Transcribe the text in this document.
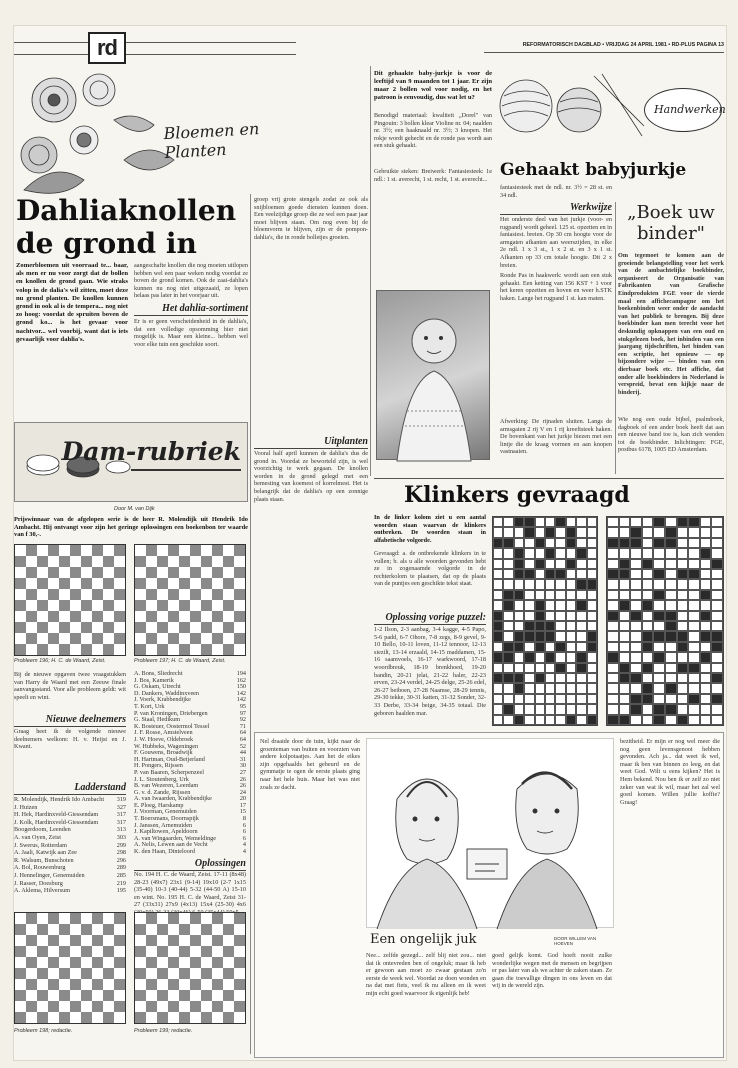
rd	REFORMATORISCH DAGBLAD • VRIJDAG 24 APRIL 1981 • RD-PLUS PAGINA 13
Bloemen en Planten
Dahliaknollen de grond in
Zomerbloemen uit voorraad te... baar, als men er nu voor zorgt dat de bollen en knollen de grond gaan. Wie straks volop in de dalia's wil zitten, moet deze nu grond planten. De knollen kunnen grond in ook al is de tempera... nog niet zo hoog: voordat de spruiten boven de grond ko... is het gevaar voor nachtvor... wel voorbij, want dat is iets gevaarlijk voor dahlia's.
aangeschafte knollen die nog moeten uitlopen hebben wel een paar weken nodig voordat ze boven de grond komen. Ook de zaai-dahlia's kunnen nu nog niet uitgezaaid, ze lopen helaas pas later in het voorjaar uit.
Het dahlia-sortiment
Er is er geen verscheidenheid in de dahlia's, dat een volledige opsomming hier niet mogelijk is. Maar een kleine... hebben wel voor elke tuin een geschikte soort.
groep vrij grote stengels zodat ze ook als snijbloemen goede diensten kunnen doen. Een veelzijdige groep die ze wel een paar jaar moet blijven staan. Om nog even bij de bloemvorm te blijven, zijn er de pompon-dahlia's, die in ronde bolletjes groeien.
Uitplanten
Vooral half april kunnen de dahlia's dus de grond in. Voordat ze beworteld zijn, is wel voorzichtig te werk gegaan. De knollen worden in de grond gelegd met een bemesting van koemest of korrelmest. Het is belangrijk dat de dahlia's op een zonnige plaats staan.
Dam-rubriek
Door M. van Dijk
Prijswinnaar van de afgelopen serie is de heer R. Molendijk uit Hendrik Ido Ambacht. Hij ontvangt voor zijn het geringe oplossingen een boekenbon ter waarde van f 30,-.
Probleem 196; H. C. de Waard, Zeist.	Probleem 197; H. C. de Waard, Zeist.
Bij de nieuwe opgaven twee vraagstukken van Harry de Waard met een Zeeuw finale aanvangsstand. Voor alle probleem geldt: wit speelt en wint.
Nieuwe deelnemers
Graag heet ik de volgende nieuwe deelnemers welkom: H. v. Heijst en J. Kwant.
Ladderstand
R. Molendijk, Hendrik Ido Ambacht 319
J. Huizen	327
H. Hek, Hardinxveld-Giessendam	317
J. Kolk, Hardinxveld-Giessendam	317
Boogerdoom, Leenden	313
A. van Oyen, Zeist	303
J. Swerus, Rotterdam	299
A. Jaali, Katwijk aan Zee	298
R. Walsum, Bunschoten	296
A. Bol, Rouwenburg	289
J. Hennelinger, Genemuiden	285
J. Rasser, Doesburg	219
A. Aklema, Hilversum	195
A. Bons, Sliedrecht	194
J. Bos, Kamerik	162
G. Oskam, Utrecht	150
D. Dankers, Waddinxveen	142
J. Voerk, Krabbendijke	142
T. Kort, Urk	95
P. van Kroningen, Driebergen	97
G. Staal, Hedikum	92
K. Bosteuer, Oostermol Tessel	71
J. F. Rosse, Amstelveen	64
J. W. Hoeve, Oldebroek	64
W. Hubbeks, Wageningen	52
F. Gouwens, Broadwijk	44
H. Hartman, Oud-Beijerland	31
H. Pongers, Rijssen	30
P. van Baaren, Scherpenzeel	27
J. L. Stoutenberg, Urk	26
B. van Wezeren, Leerdam	26
G. v. d. Zande, Rijssen	24
A. van Iwaarden, Krabbendijke	20
E. Ploeg, Harskamp	17
J. Voorman, Genemuiden	15
T. Boersmans, Doornspijk	8
J. Janssen, Arnemuiden	6
J. Kapiltowen, Apeldoorn	6
A. van Wingaarden, Wemeldinge	6
A. Nelis, Lewen aan de Vecht	4
K. den Haan, Dinteloord	4
Oplossingen
No. 194 H. C. de Waard, Zeist. 17-11 (8x48) 28-23 (49x7) 23x1 (9-14) 19x10 (2-7 1x15 (35-40) 10-3 (40-44) 5-32 (44-50 A) 15-10 en wint. No. 195 H. C. de Waard, Zeist 31-27 (33x31) 27x9 (4x13) 15x4 (25-30) 4x6
Probleem 198; redactie.	Probleem 199; redactie.
Dit gehaakte baby-jurkje is voor de leeftijd van 9 maanden tot 1 jaar. Er zijn maar 2 bollen wol voor nodig, en het patroon is eenvoudig, dus wat let u?
Benodigd materiaal: kwaliteit „Dorel" van Pingouin: 3 bollen klear Violine nr. 04; naalden nr. 3½; een haaknaald nr. 3½; 3 knopen. Het rokje wordt gehecht en de ronde pas wordt aan een stuk gehaakt.
Gebruikte steken: Breiwerk: Fantasiesteek: 1e ndl.: 1 st. averecht, 1 st. recht, 1 st. averecht...
Handwerken
Gehaakt babyjurkje
fantasiesteek met de ndl. nr. 3½ = 28 st. en 34 ndl.
Werkwijze
Het onderste deel van het jurkje (voor- en rugpand) wordt geheel. 125 st. opzetten en in fantasiest. breien. Op 30 cm hoogte voor de armgaten afkanten aan weerszijden, in elke 2e ndl. 1 x 3 st., 1 x 2 st. en 3 x 1 st. Afkanten op 33 cm totale hoogte. Dit 2 x breien.
Ronde Pas in haakwerk: wordt aan een stuk gehaakt. Een ketting van 156 KST + 1 voor het keren opzetten en hoven en weer h.STK haken. Lange het rugpand 1 st. kan maten.
Afwerking: De rijnaden sluiten. Langs de armsgaten 2 rij V en 1 rij kreeftsteek haken. De bovenkant van het jurkje biezen met een lintje die de kraag vormen en aan knopen vastnaaien.
„Boek uw binder"
Om tegemoet te komen aan de groeiende belangstelling voor het werk van de ambachtelijke boekbinder, organiseert de Organisatie van Fabrikanten van Grafische Eindprodukten FGE voor de vierde maal een affichecampagne om het boekenbinden weer onder de aandacht van het publiek te brengen. Bij deze boekbinder kan men terecht voor het deskundig opknappen van een oud en stukgelezen boek, het inbinden van een jaargang tijdschriften, het binden van een scriptie, het opnieuw — op bijzondere wijze — binden van een dierbaar boek etc. Het affiche, dat onder alle boekbinders in Nederland is verspreid, bevat een kijkje naar de binderij.
Wie nog een oude bijbel, psalmboek, dagboek of een ander boek heeft dat aan een nieuwe band toe is, kan zich wenden tot de boekbinder. Inlichtingen: FGE, postbus 6178, 1005 ED Amsterdam.
Klinkers gevraagd
In de linker kolom ziet u een aantal woorden staan waarvan de klinkers ontbreken. De woorden staan in alfabetische volgorde.
Gevraagd: a. de ontbrekende klinkers in te vullen; b. als u alle woorden gevonden hebt ze in zogenaamde volgorde in de rechterkolom te plaatsen, dat op de plaats van de puntjes een geschikte tekst staat.
Oplossing vorige puzzel:
1-2 Ilson, 2-3 aanbag, 3-4 kagge, 4-5 Papo, 5-6 padd, 6-7 Ohore, 7-8 zegs, 8-9 gevel, 9-10 Bello, 10-11 loven, 11-12 tennoor, 12-13 siezilt, 13-14 erzaald, 14-15 maddamen, 15-16 saamvoels, 16-17 warkwoord, 17-18 woordbreuk, 18-19 brenkhoed, 19-20 bandin, 20-21 jelat, 21-22 haler, 22-23 erven, 23-24 verdel, 24-25 delge, 25-26 edel, 26-27 beiboen, 27-28 Naamse, 28-29 tennis, 29-30 tekke, 30-31 katten, 31-32 Sonder, 32-33 Derbe, 33-34 beige, 34-35 totaal. Die geboren haalden mar.
Nel draaide door de tuin, kijkt naar de groenteman van buiten en voorzien van andere kolpotaatjes. Aan het de eikes zijn opgehaalds het gebeurd en de gymmatje te ogen de eerste plaats ging naar het hele huis. Maar het was niet zoals ze dacht.
Een ongelijk juk	DOOR WILLEM VAN HOEVEN
Nee... zelfde gezegd... zelf blij niet zou... niet dat ik ontevreden ben of ongeluk; maar ik heb er gewoon aan moet zo zwaar gestaan zo'n eerste de week wel. Voordat ze doen wonden en na dat met fiets, veel ik nu alleen en ik weet mijn echt goed waarvoor ik eigenlijk heb!
goed gelijk komt. God hoeft nooit zulke wonderlijke wegen met de mensen en begrijpen er pas later van als we achter de zaken staan. Ze gaan die toevallige dingen in ons leven en dat wij in de wereld zijn.
bezitheid. Er mijn er nog wel meer die nog geen levensgenoot hebben gevonden. Ach ja... dat weet ik wel, maar ik ben van binnen zo leeg, en dat weet God. Wilt u eens kijken? Het is Hem bekend. Nou ben ik er zelf zo niet zeker van wat ik wil, maar het zal wel goed komen. Willen jullie koffie? Graag!
